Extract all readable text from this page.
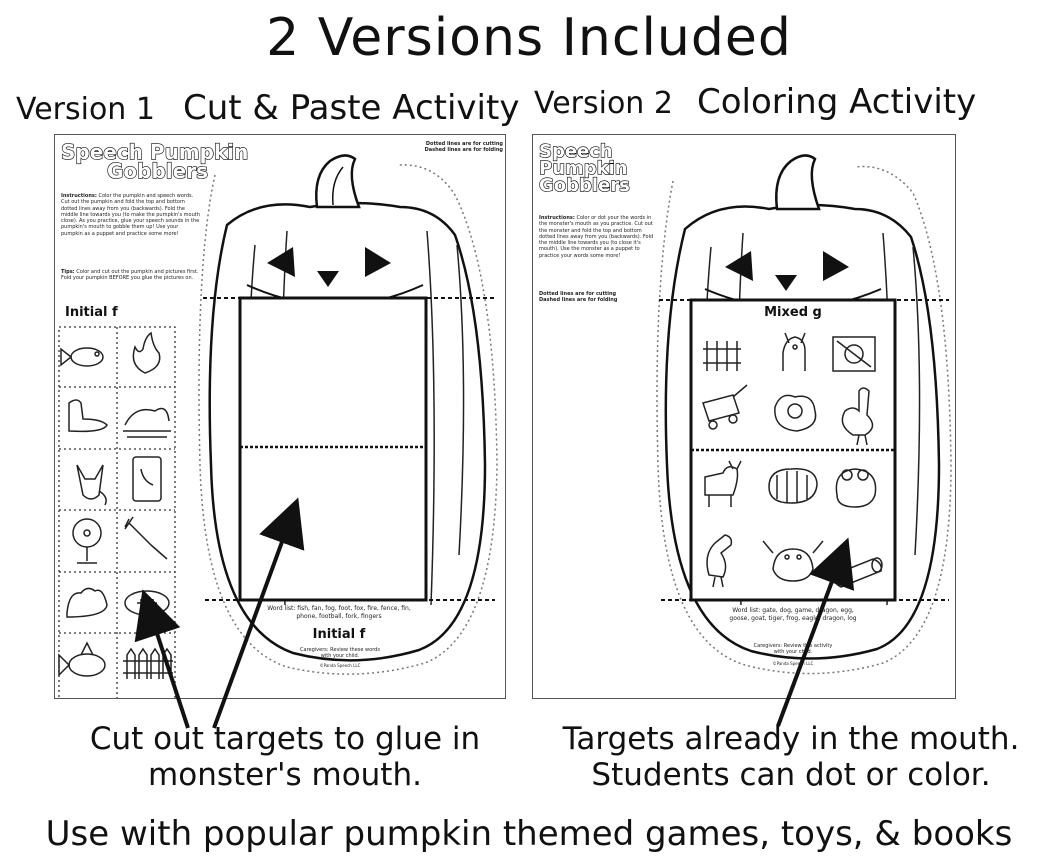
2 Versions Included
Version 1 Cut & Paste Activity Version 2 Coloring Activity
Speech Pumpkin
Gobblers
Dotted lines are for cutting
Dashed lines are for folding
Instructions: Color the pumpkin and speech words. Cut out the pumpkin and fold the top and bottom dotted lines away from you (backwards). Fold the middle line towards you (to make the pumpkin's mouth close). As you practice, glue your speech sounds in the pumpkin's mouth to gobble them up! Use your pumpkin as a puppet and practice some more!
Tips: Color and cut out the pumpkin and pictures first. Fold your pumpkin BEFORE you glue the pictures on.
Initial f
Word list: fish, fan, fog, foot, fox, fire, fence, fin, phone, football, fork, fingers
Initial f
Caregivers: Review these words with your child.
©Panda Speech LLC
Speech
Pumpkin
Gobblers
Instructions: Color or dot your the words in the monster's mouth as you practice. Cut out the monster and fold the top and bottom dotted lines away from you (backwards). Fold the middle line towards you (to close it's mouth). Use the monster as a puppet to practice your words some more!
Dotted lines are for cutting
Dashed lines are for folding
Mixed g
Word list: gate, dog, game, dragon, egg,
goose, goat, tiger, frog, eagle, dragon, log
Caregivers: Review this activity with your child.
©Panda Speech LLC
Cut out targets to glue in
monster's mouth.
Targets already in the mouth.
Students can dot or color.
Use with popular pumpkin themed games, toys, & books
